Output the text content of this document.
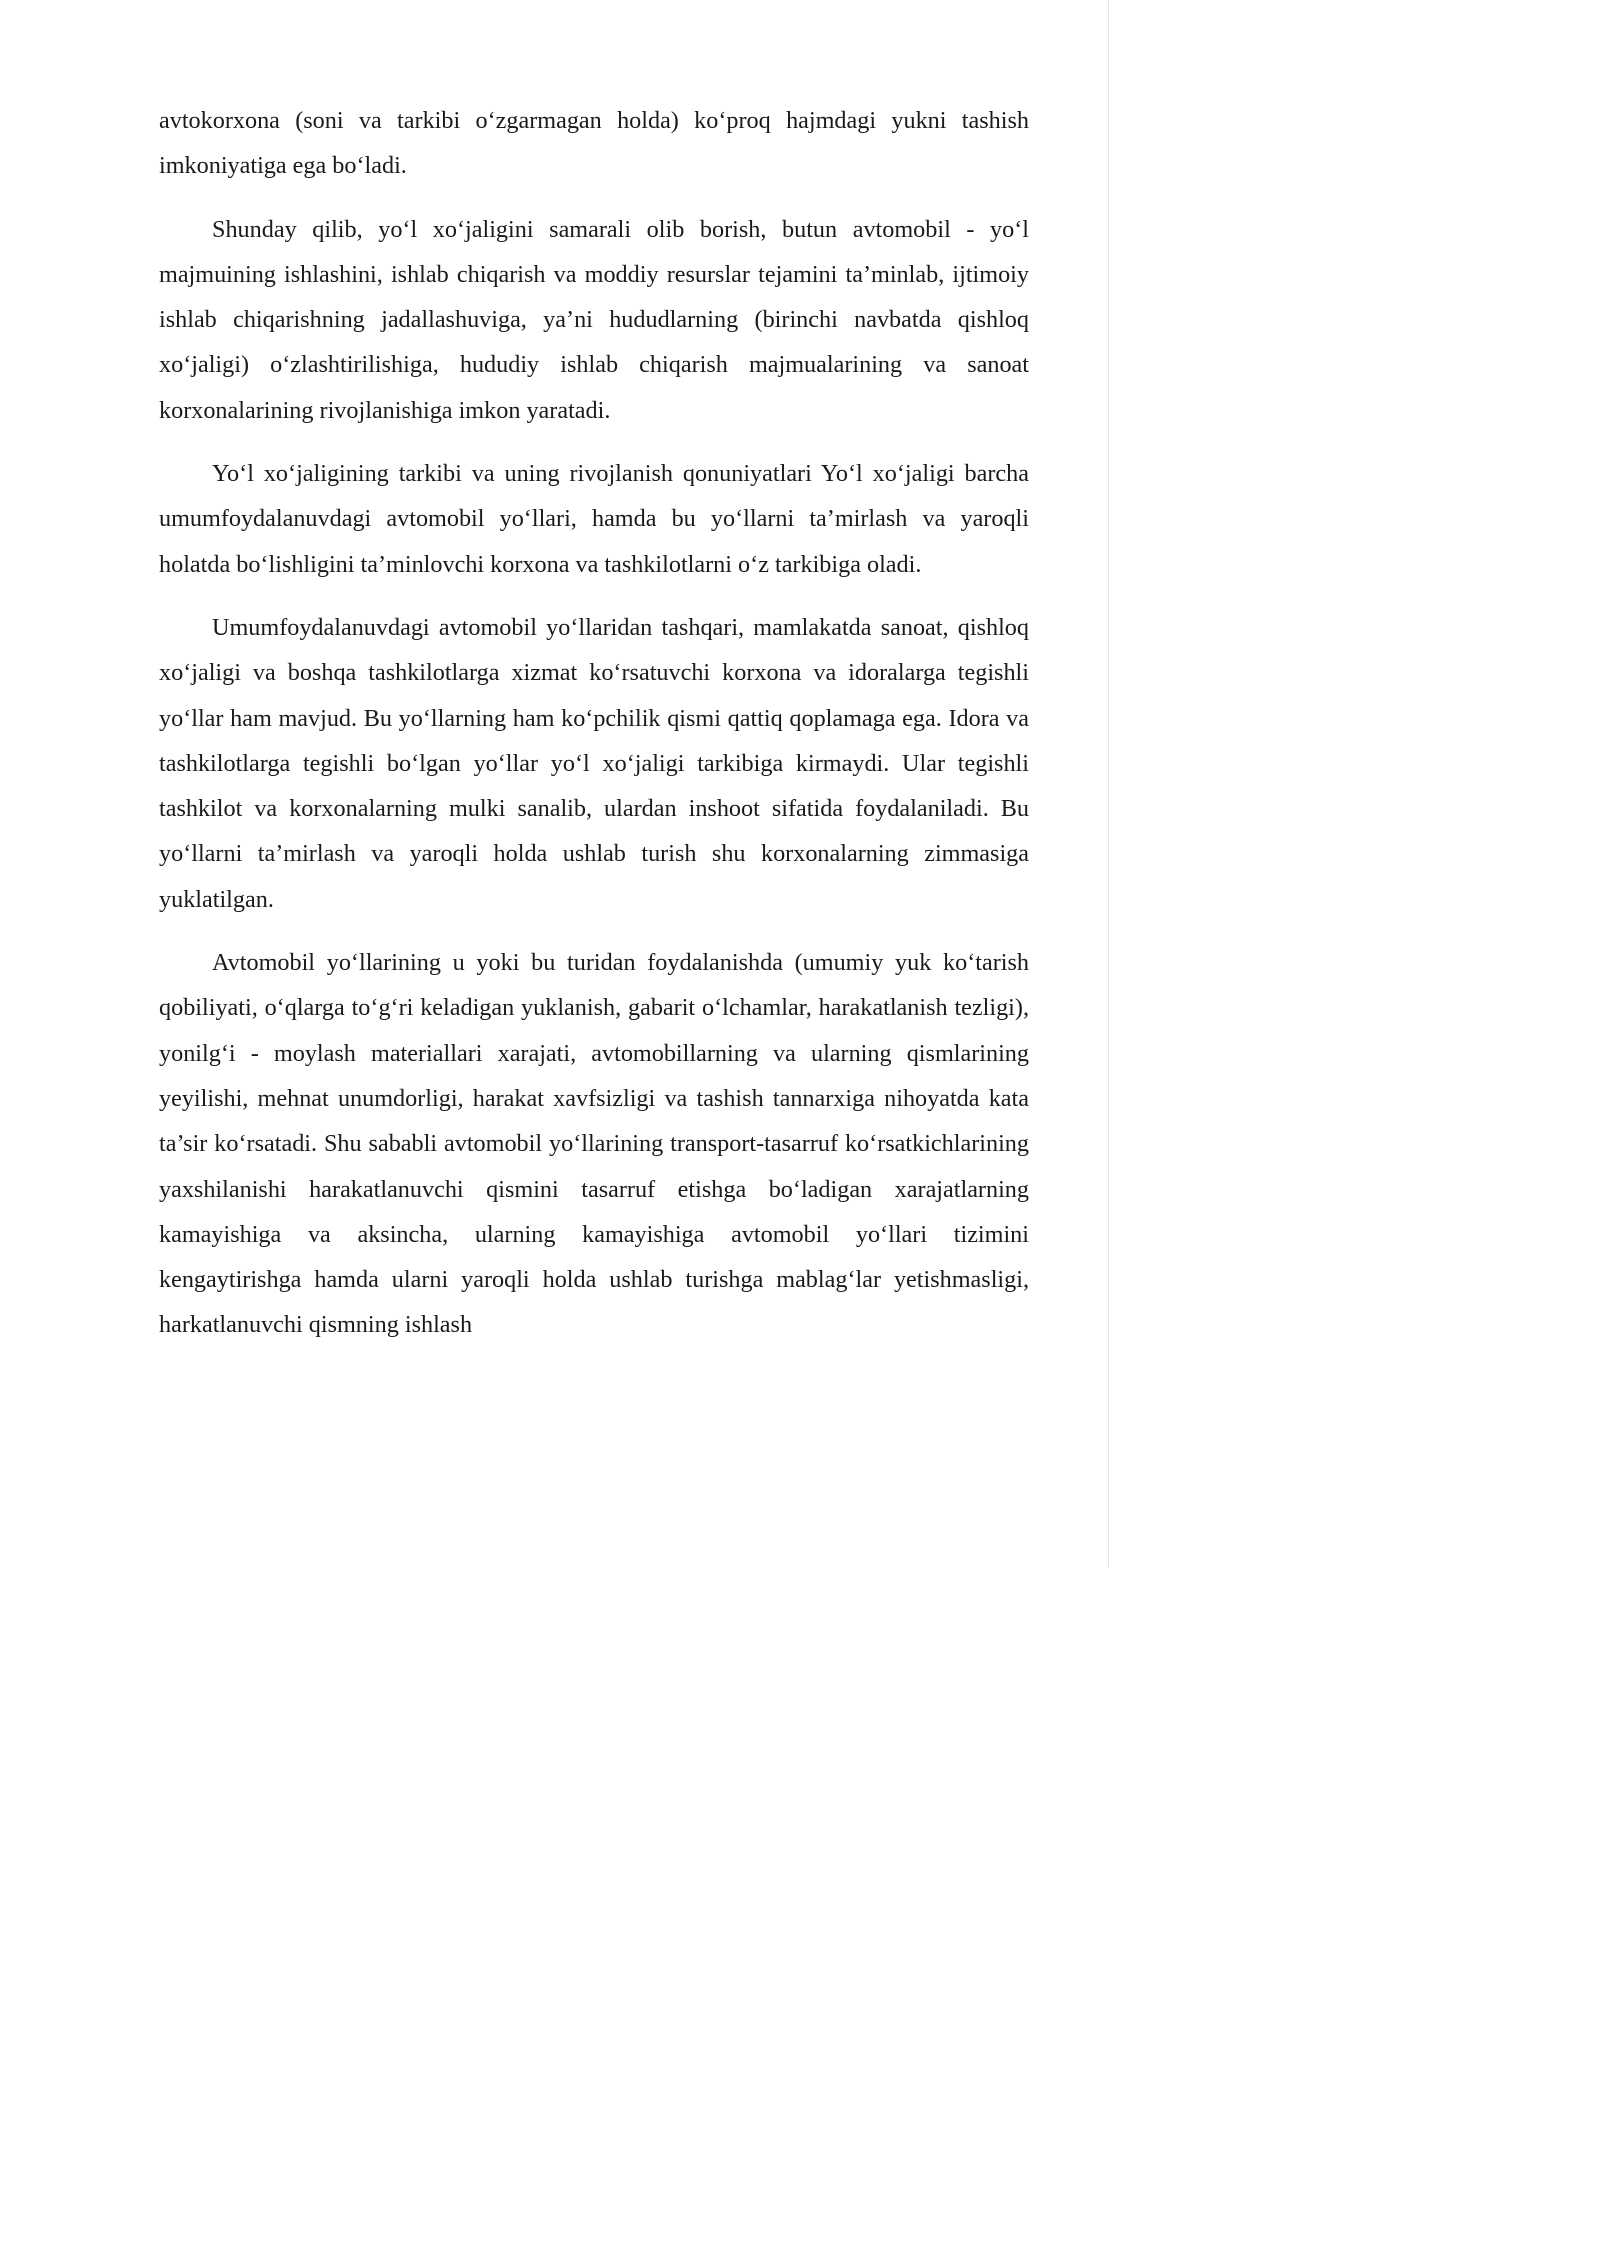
avtokorxona (soni va tarkibi o‘zgarmagan holda) ko‘proq hajmdagi yukni tashish imkoniyatiga ega bo‘ladi.

Shunday qilib, yo‘l xo‘jaligini samarali olib borish, butun avtomobil - yo‘l majmuining ishlashini, ishlab chiqarish va moddiy resurslar tejamini ta’minlab, ijtimoiy ishlab chiqarishning jadallashuviga, ya’ni hududlarning (birinchi navbatda qishloq xo‘jaligi) o‘zlashtirilishiga, hududiy ishlab chiqarish majmualarining va sanoat korxonalarining rivojlanishiga imkon yaratadi.

Yo‘l xo‘jaligining tarkibi va uning rivojlanish qonuniyatlari Yo‘l xo‘jaligi barcha umumfoydalanuvdagi avtomobil yo‘llari, hamda bu yo‘llarni ta’mirlash va yaroqli holatda bo‘lishligini ta’minlovchi korxona va tashkilotlarni o‘z tarkibiga oladi.

Umumfoydalanuvdagi avtomobil yo‘llaridan tashqari, mamlakatda sanoat, qishloq xo‘jaligi va boshqa tashkilotlarga xizmat ko‘rsatuvchi korxona va idoralarga tegishli yo‘llar ham mavjud. Bu yo‘llarning ham ko‘pchilik qismi qattiq qoplamaga ega. Idora va tashkilotlarga tegishli bo‘lgan yo‘llar yo‘l xo‘jaligi tarkibiga kirmaydi. Ular tegishli tashkilot va korxonalarning mulki sanalib, ulardan inshoot sifatida foydalaniladi. Bu yo‘llarni ta’mirlash va yaroqli holda ushlab turish shu korxonalarning zimmasiga yuklatilgan.

Avtomobil yo‘llarining u yoki bu turidan foydalanishda (umumiy yuk ko‘tarish qobiliyati, o‘qlarga to‘g‘ri keladigan yuklanish, gabarit o‘lchamlar, harakatlanish tezligi), yonilg‘i - moylash materiallari xarajati, avtomobillarning va ularning qismlarining yeyilishi, mehnat unumdorligi, harakat xavfsizligi va tashish tannarxiga nihoyatda kata ta’sir ko‘rsatadi. Shu sababli avtomobil yo‘llarining transport-tasarruf ko‘rsatkichlarining yaxshilanishi harakatlanuvchi qismini tasarruf etishga bo‘ladigan xarajatlarning kamayishiga va aksincha, ularning kamayishiga avtomobil yo‘llari tizimini kengaytirishga hamda ularni yaroqli holda ushlab turishga mablag‘lar yetishmasligi, harkatlanuvchi qismning ishlash
